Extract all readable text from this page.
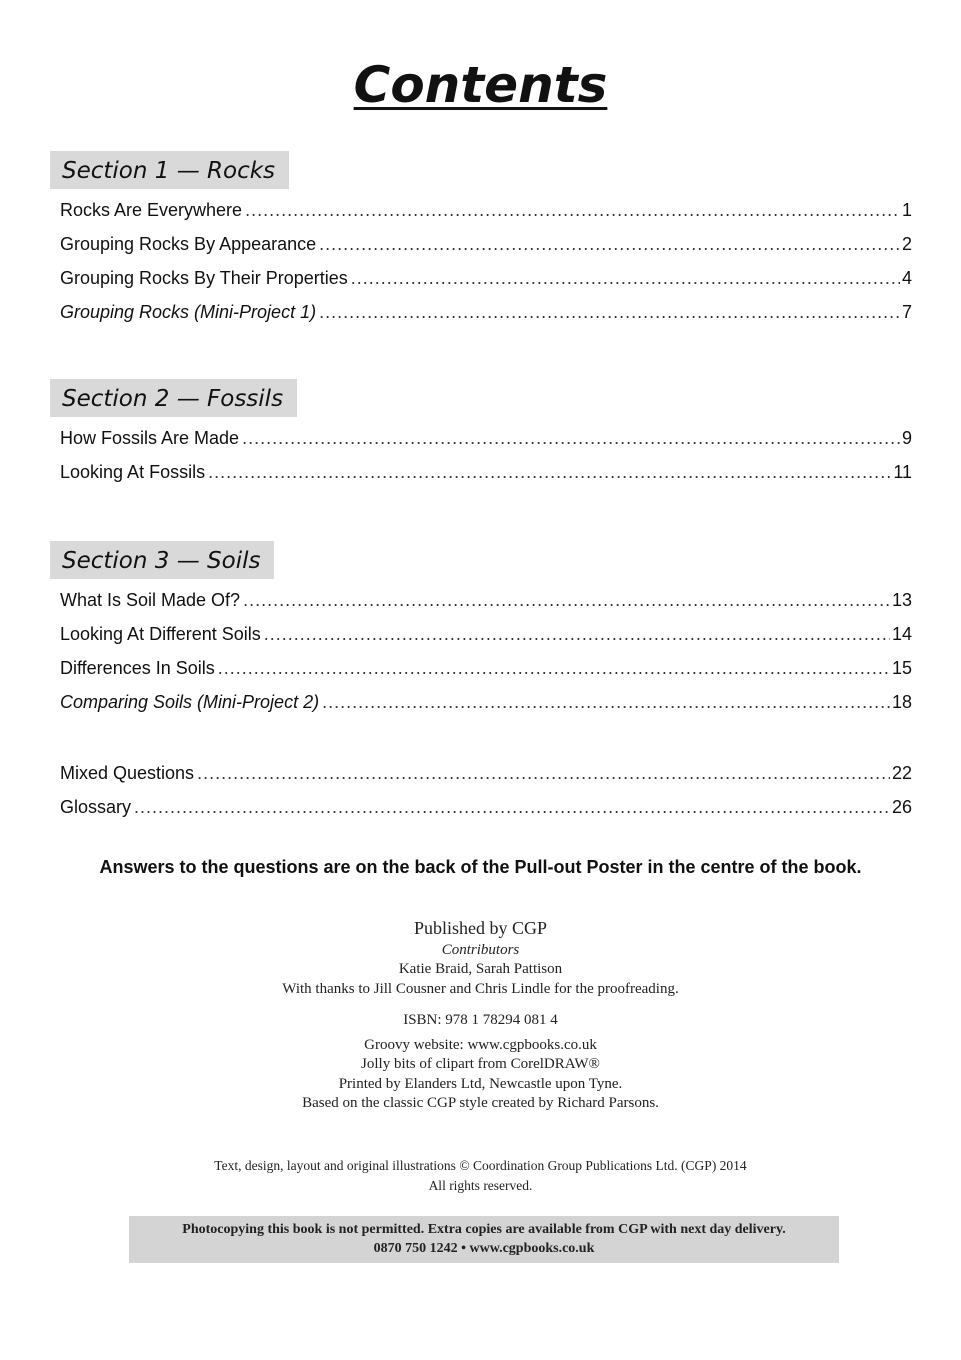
Contents
Section 1 — Rocks
Rocks Are Everywhere .....	1
Grouping Rocks By Appearance .....	2
Grouping Rocks By Their Properties .....	4
Grouping Rocks (Mini-Project 1) .....	7
Section 2 — Fossils
How Fossils Are Made .....	9
Looking At Fossils .....	11
Section 3 — Soils
What Is Soil Made Of? .....	13
Looking At Different Soils .....	14
Differences In Soils .....	15
Comparing Soils (Mini-Project 2) .....	18
Mixed Questions .....	22
Glossary .....	26
Answers to the questions are on the back of the Pull-out Poster in the centre of the book.
Published by CGP
Contributors
Katie Braid, Sarah Pattison
With thanks to Jill Cousner and Chris Lindle for the proofreading.
ISBN: 978 1 78294 081 4
Groovy website: www.cgpbooks.co.uk
Jolly bits of clipart from CorelDRAW®
Printed by Elanders Ltd, Newcastle upon Tyne.
Based on the classic CGP style created by Richard Parsons.
Text, design, layout and original illustrations © Coordination Group Publications Ltd. (CGP) 2014
All rights reserved.
Photocopying this book is not permitted. Extra copies are available from CGP with next day delivery.
0870 750 1242 • www.cgpbooks.co.uk
